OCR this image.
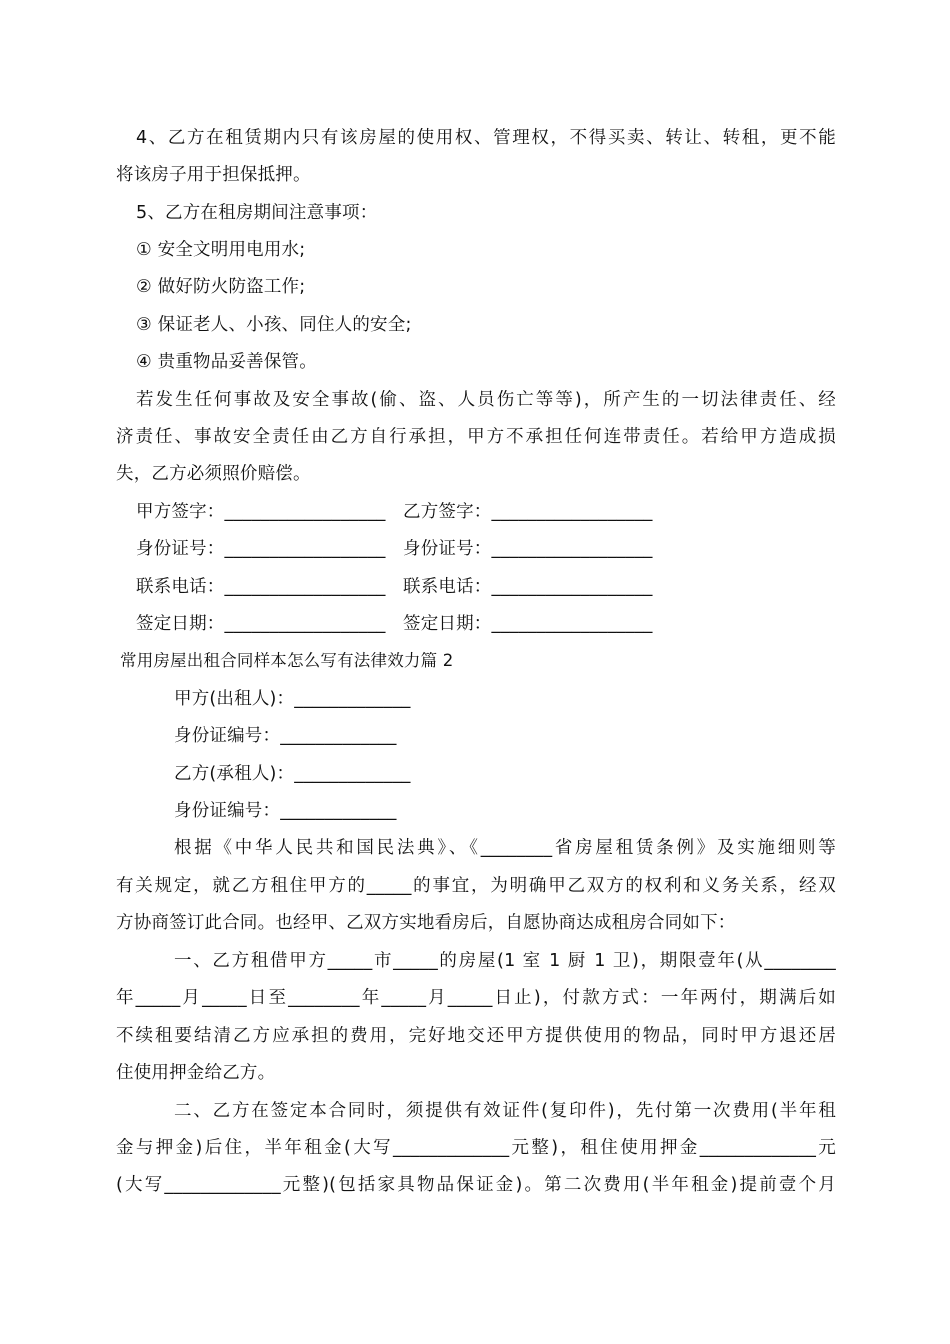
4、乙方在租赁期内只有该房屋的使用权、管理权，不得买卖、转让、转租，更不能

将该房子用于担保抵押。

5、乙方在租房期间注意事项：

① 安全文明用电用水;

② 做好防火防盗工作;

③ 保证老人、小孩、同住人的安全;

④ 贵重物品妥善保管。

若发生任何事故及安全事故(偷、盗、人员伤亡等等)，所产生的一切法律责任、经

济责任、事故安全责任由乙方自行承担，甲方不承担任何连带责任。若给甲方造成损

失，乙方必须照价赔偿。

甲方签字：__________________ 乙方签字：__________________
身份证号：__________________ 身份证号：__________________
联系电话：__________________ 联系电话：__________________
签定日期：__________________ 签定日期：__________________

常用房屋出租合同样本怎么写有法律效力篇 2

甲方(出租人)：_____________

身份证编号：_____________

乙方(承租人)：_____________

身份证编号：_____________

根据《中华人民共和国民法典》、《________省房屋租赁条例》及实施细则等

有关规定，就乙方租住甲方的_____的事宜，为明确甲乙双方的权利和义务关系，经双

方协商签订此合同。也经甲、乙双方实地看房后，自愿协商达成租房合同如下：

一、乙方租借甲方_____市_____的房屋(1 室 1 厨 1 卫)，期限壹年(从________

年_____月_____日至________年_____月_____日止)，付款方式：一年两付，期满后如

不续租要结清乙方应承担的费用，完好地交还甲方提供使用的物品，同时甲方退还居

住使用押金给乙方。

二、乙方在签定本合同时，须提供有效证件(复印件)，先付第一次费用(半年租

金与押金)后住，半年租金(大写_____________元整)，租住使用押金_____________元

(大写_____________元整)(包括家具物品保证金)。第二次费用(半年租金)提前壹个月
